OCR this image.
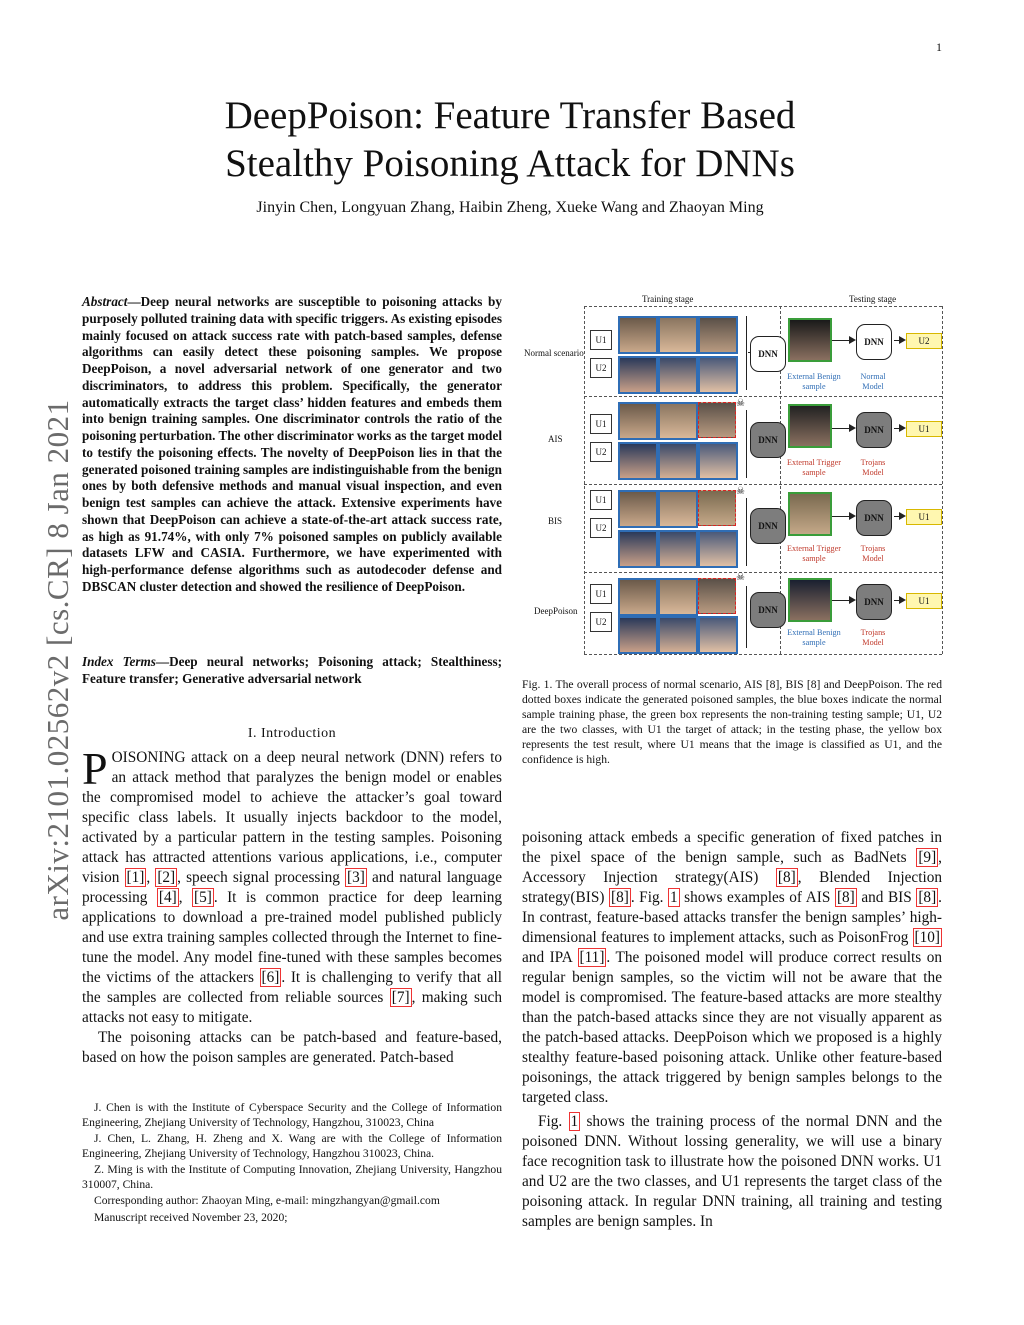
1
arXiv:2101.02562v2 [cs.CR] 8 Jan 2021
DeepPoison: Feature Transfer Based
Stealthy Poisoning Attack for DNNs
Jinyin Chen, Longyuan Zhang, Haibin Zheng, Xueke Wang and Zhaoyan Ming
Abstract—Deep neural networks are susceptible to poisoning attacks by purposely polluted training data with specific triggers. As existing episodes mainly focused on attack success rate with patch-based samples, defense algorithms can easily detect these poisoning samples. We propose DeepPoison, a novel adversarial network of one generator and two discriminators, to address this problem. Specifically, the generator automatically extracts the target class’ hidden features and embeds them into benign training samples. One discriminator controls the ratio of the poisoning perturbation. The other discriminator works as the target model to testify the poisoning effects. The novelty of DeepPoison lies in that the generated poisoned training samples are indistinguishable from the benign ones by both defensive methods and manual visual inspection, and even benign test samples can achieve the attack. Extensive experiments have shown that DeepPoison can achieve a state-of-the-art attack success rate, as high as 91.74%, with only 7% poisoned samples on publicly available datasets LFW and CASIA. Furthermore, we have experimented with high-performance defense algorithms such as autodecoder defense and DBSCAN cluster detection and showed the resilience of DeepPoison.
Index Terms—Deep neural networks; Poisoning attack; Stealthiness; Feature transfer; Generative adversarial network
I. Introduction

POISONING attack on a deep neural network (DNN) refers to an attack method that paralyzes the benign model or enables the compromised model to achieve the attacker’s goal toward specific class labels. It usually injects backdoor to the model, activated by a particular pattern in the testing samples. Poisoning attack has attracted attentions various applications, i.e., computer vision [1] , [2] , speech signal processing [3] and natural language processing [4] , [5] . It is common practice for deep learning applications to download a pre-trained model published publicly and use extra training samples collected through the Internet to fine-tune the model. Any model fine-tuned with these samples becomes the victims of the attackers [6] . It is challenging to verify that all the samples are collected from reliable sources [7] , making such attacks not easy to mitigate.

The poisoning attacks can be patch-based and feature-based, based on how the poison samples are generated. Patch-based

J. Chen is with the Institute of Cyberspace Security and the College of Information Engineering, Zhejiang University of Technology, Hangzhou, 310023, China

J. Chen, L. Zhang, H. Zheng and X. Wang are with the College of Information Engineering, Zhejiang University of Technology, Hangzhou 310023, China.

Z. Ming is with the Institute of Computing Innovation, Zhejiang University, Hangzhou 310007, China.

Corresponding author: Zhaoyan Ming, e-mail: mingzhangyan@gmail.com

Manuscript received November 23, 2020;

Training stage	Testing stage
Normal scenario
U1
U2
DNN
External Benign
sample
DNN
Normal
Model
U2
AIS
U1
U2
☠
DNN
External Trigger
sample
DNN
Trojans
Model
U1
BIS
U1
U2
☠
DNN
External Trigger
sample
DNN
Trojans
Model
U1
DeepPoison
U1
U2
☠
DNN
External Benign
sample
DNN
Trojans
Model
U1
Fig. 1. The overall process of normal scenario, AIS [8], BIS [8] and DeepPoison. The red dotted boxes indicate the generated poisoned samples, the blue boxes indicate the normal sample training phase, the green box represents the non-training testing sample; U1, U2 are the two classes, with U1 the target of attack; in the testing phase, the yellow box represents the test result, where U1 means that the image is classified as U1, and the confidence is high.

poisoning attack embeds a specific generation of fixed patches in the pixel space of the benign sample, such as BadNets [9] , Accessory Injection strategy(AIS) [8] , Blended Injection strategy(BIS) [8] . Fig. 1 shows examples of AIS [8] and BIS [8] . In contrast, feature-based attacks transfer the benign samples’ high-dimensional features to implement attacks, such as PoisonFrog [10] and IPA [11] . The poisoned model will produce correct results on regular benign samples, so the victim will not be aware that the model is compromised. The feature-based attacks are more stealthy than the patch-based attacks since they are not visually apparent as the patch-based attacks. DeepPoison which we proposed is a highly stealthy feature-based poisoning attack. Unlike other feature-based poisonings, the attack triggered by benign samples belongs to the targeted class.

Fig. 1 shows the training process of the normal DNN and the poisoned DNN. Without lossing generality, we will use a binary face recognition task to illustrate how the poisoned DNN works. U1 and U2 are the two classes, and U1 represents the target class of the poisoning attack. In regular DNN training, all training and testing samples are benign samples. In
